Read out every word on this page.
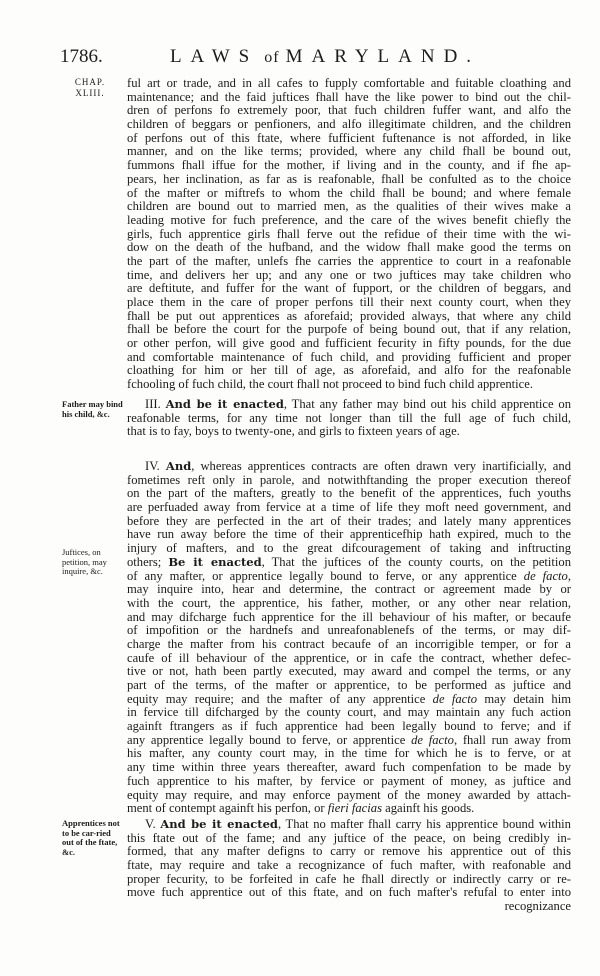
1786.	LAWS of MARYLAND.
CHAP.
XLIII.
ful art or trade, and in all cafes to fupply comfortable and fuitable cloathing and
maintenance; and the faid juftices fhall have the like power to bind out the chil-
dren of perfons fo extremely poor, that fuch children fuffer want, and alfo the
children of beggars or penfioners, and alfo illegitimate children, and the children
of perfons out of this ftate, where fufficient fuftenance is not afforded, in like
manner, and on the like terms; provided, where any child fhall be bound out,
fummons fhall iffue for the mother, if living and in the county, and if fhe ap-
pears, her inclination, as far as is reafonable, fhall be confulted as to the choice
of the mafter or miftrefs to whom the child fhall be bound; and where female
children are bound out to married men, as the qualities of their wives make a
leading motive for fuch preference, and the care of the wives benefit chiefly the
girls, fuch apprentice girls fhall ferve out the refidue of their time with the wi-
dow on the death of the hufband, and the widow fhall make good the terms on
the part of the mafter, unlefs fhe carries the apprentice to court in a reafonable
time, and delivers her up; and any one or two juftices may take children who
are deftitute, and fuffer for the want of fupport, or the children of beggars, and
place them in the care of proper perfons till their next county court, when they
fhall be put out apprentices as aforefaid; provided always, that where any child
fhall be before the court for the purpofe of being bound out, that if any relation,
or other perfon, will give good and fufficient fecurity in fifty pounds, for the due
and comfortable maintenance of fuch child, and providing fufficient and proper
cloathing for him or her till of age, as aforefaid, and alfo for the reafonable
fchooling of fuch child, the court fhall not proceed to bind fuch child apprentice.
Father may bind his child, &c.
III. And be it enacted, That any father may bind out his child apprentice on
reafonable terms, for any time not longer than till the full age of fuch child,
that is to fay, boys to twenty-one, and girls to fixteen years of age.
Juftices, on petition, may inquire, &c.
IV. And, whereas apprentices contracts are often drawn very inartificially, and
fometimes reft only in parole, and notwithftanding the proper execution thereof
on the part of the mafters, greatly to the benefit of the apprentices, fuch youths
are perfuaded away from fervice at a time of life they moft need government, and
before they are perfected in the art of their trades; and lately many apprentices
have run away before the time of their apprenticefhip hath expired, much to the
injury of mafters, and to the great difcouragement of taking and inftructing
others; Be it enacted, That the juftices of the county courts, on the petition
of any mafter, or apprentice legally bound to ferve, or any apprentice de facto,
may inquire into, hear and determine, the contract or agreement made by or
with the court, the apprentice, his father, mother, or any other near relation,
and may difcharge fuch apprentice for the ill behaviour of his mafter, or becaufe
of impofition or the hardnefs and unreafonablenefs of the terms, or may dif-
charge the mafter from his contract becaufe of an incorrigible temper, or for a
caufe of ill behaviour of the apprentice, or in cafe the contract, whether defec-
tive or not, hath been partly executed, may award and compel the terms, or any
part of the terms, of the mafter or apprentice, to be performed as juftice and
equity may require; and the mafter of any apprentice de facto may detain him
in fervice till difcharged by the county court, and may maintain any fuch action
againft ftrangers as if fuch apprentice had been legally bound to ferve; and if
any apprentice legally bound to ferve, or apprentice de facto, fhall run away from
his mafter, any county court may, in the time for which he is to ferve, or at
any time within three years thereafter, award fuch compenfation to be made by
fuch apprentice to his mafter, by fervice or payment of money, as juftice and
equity may require, and may enforce payment of the money awarded by attach-
ment of contempt againft his perfon, or fieri facias againft his goods.
Apprentices not to be car-ried out of the ftate, &c.
V. And be it enacted, That no mafter fhall carry his apprentice bound within
this ftate out of the fame; and any juftice of the peace, on being credibly in-
formed, that any mafter defigns to carry or remove his apprentice out of this
ftate, may require and take a recognizance of fuch mafter, with reafonable and
proper fecurity, to be forfeited in cafe he fhall directly or indirectly carry or re-
move fuch apprentice out of this ftate, and on fuch mafter's refufal to enter into
recognizance
